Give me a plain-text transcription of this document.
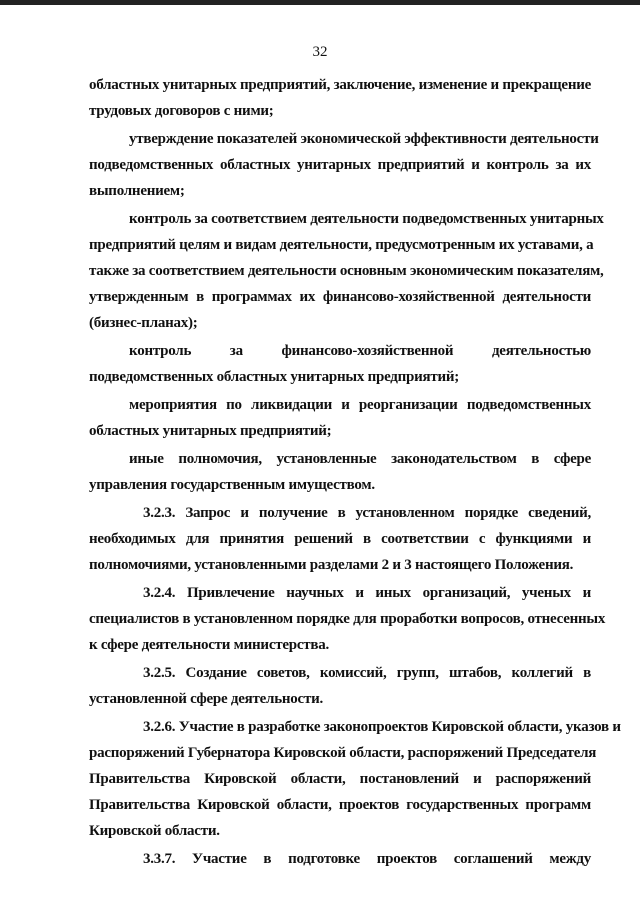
32
областных унитарных предприятий, заключение, изменение и прекращение
трудовых договоров с ними;
утверждение показателей экономической эффективности деятельности
подведомственных областных унитарных предприятий и контроль за их
выполнением;
контроль за соответствием деятельности подведомственных унитарных
предприятий целям и видам деятельности, предусмотренным их уставами, а
также за соответствием деятельности основным экономическим показателям,
утвержденным в программах их финансово-хозяйственной деятельности
(бизнес-планах);
контроль за финансово-хозяйственной деятельностью
подведомственных областных унитарных предприятий;
мероприятия по ликвидации и реорганизации подведомственных
областных унитарных предприятий;
иные полномочия, установленные законодательством в сфере
управления государственным имуществом.
3.2.3. Запрос и получение в установленном порядке сведений,
необходимых для принятия решений в соответствии с функциями и
полномочиями, установленными разделами 2 и 3 настоящего Положения.
3.2.4. Привлечение научных и иных организаций, ученых и
специалистов в установленном порядке для проработки вопросов, отнесенных
к сфере деятельности министерства.
3.2.5. Создание советов, комиссий, групп, штабов, коллегий в
установленной сфере деятельности.
3.2.6. Участие в разработке законопроектов Кировской области, указов и
распоряжений Губернатора Кировской области, распоряжений Председателя
Правительства Кировской области, постановлений и распоряжений
Правительства Кировской области, проектов государственных программ
Кировской области.
3.3.7. Участие в подготовке проектов соглашений между
